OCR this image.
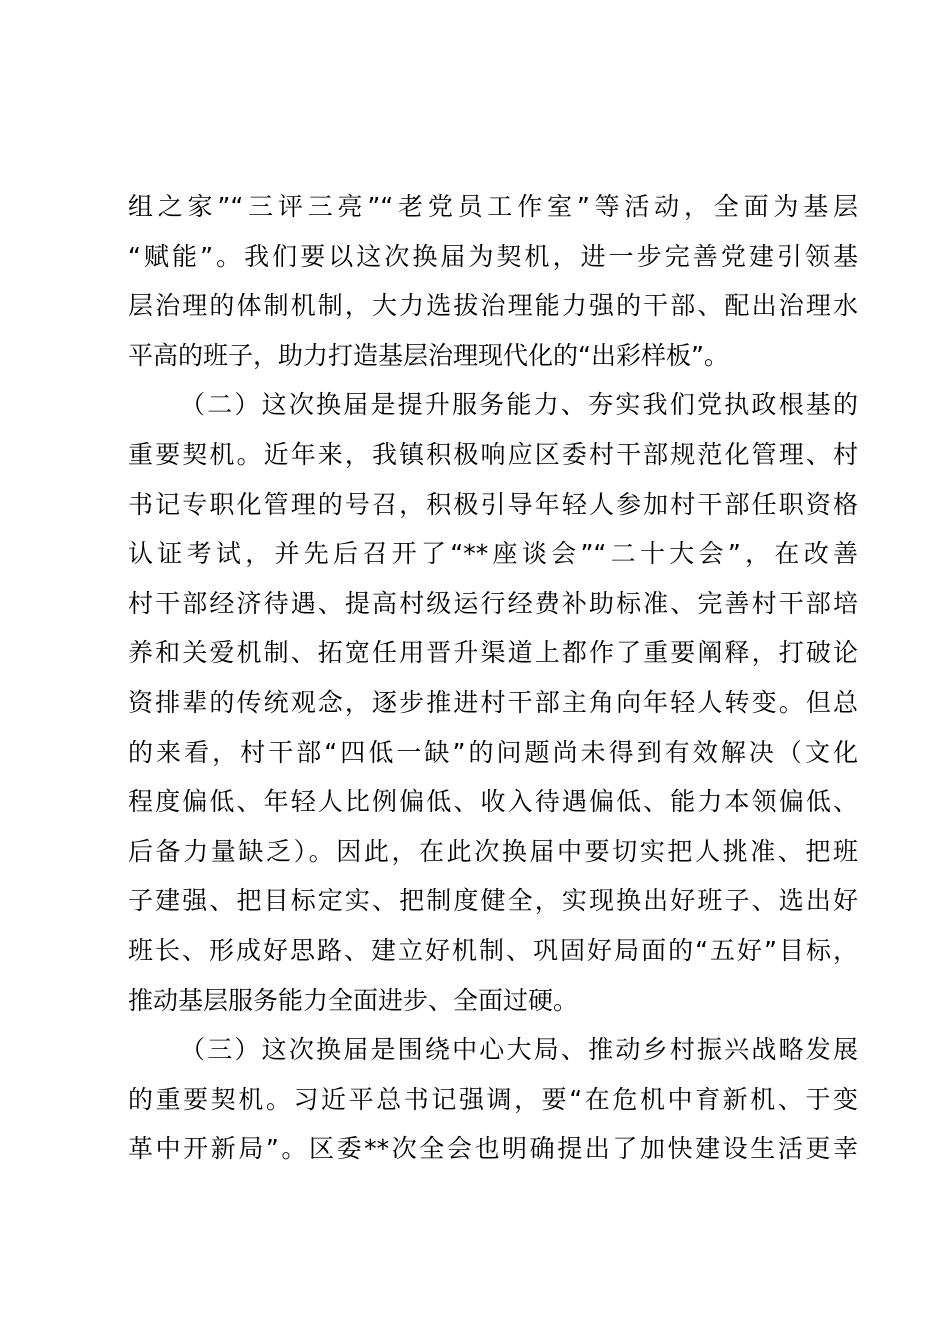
组之家”“三评三亮”“老党员工作室”等活动，全面为基层
“赋能”。我们要以这次换届为契机，进一步完善党建引领基
层治理的体制机制，大力选拔治理能力强的干部、配出治理水
平高的班子，助力打造基层治理现代化的“出彩样板”。
（二）这次换届是提升服务能力、夯实我们党执政根基的
重要契机。近年来，我镇积极响应区委村干部规范化管理、村
书记专职化管理的号召，积极引导年轻人参加村干部任职资格
认证考试，并先后召开了“**座谈会”“二十大会”，在改善
村干部经济待遇、提高村级运行经费补助标准、完善村干部培
养和关爱机制、拓宽任用晋升渠道上都作了重要阐释，打破论
资排辈的传统观念，逐步推进村干部主角向年轻人转变。但总
的来看，村干部“四低一缺”的问题尚未得到有效解决（文化
程度偏低、年轻人比例偏低、收入待遇偏低、能力本领偏低、
后备力量缺乏）。因此，在此次换届中要切实把人挑准、把班
子建强、把目标定实、把制度健全，实现换出好班子、选出好
班长、形成好思路、建立好机制、巩固好局面的“五好”目标，
推动基层服务能力全面进步、全面过硬。
（三）这次换届是围绕中心大局、推动乡村振兴战略发展
的重要契机。习近平总书记强调，要“在危机中育新机、于变
革中开新局”。区委**次全会也明确提出了加快建设生活更幸
